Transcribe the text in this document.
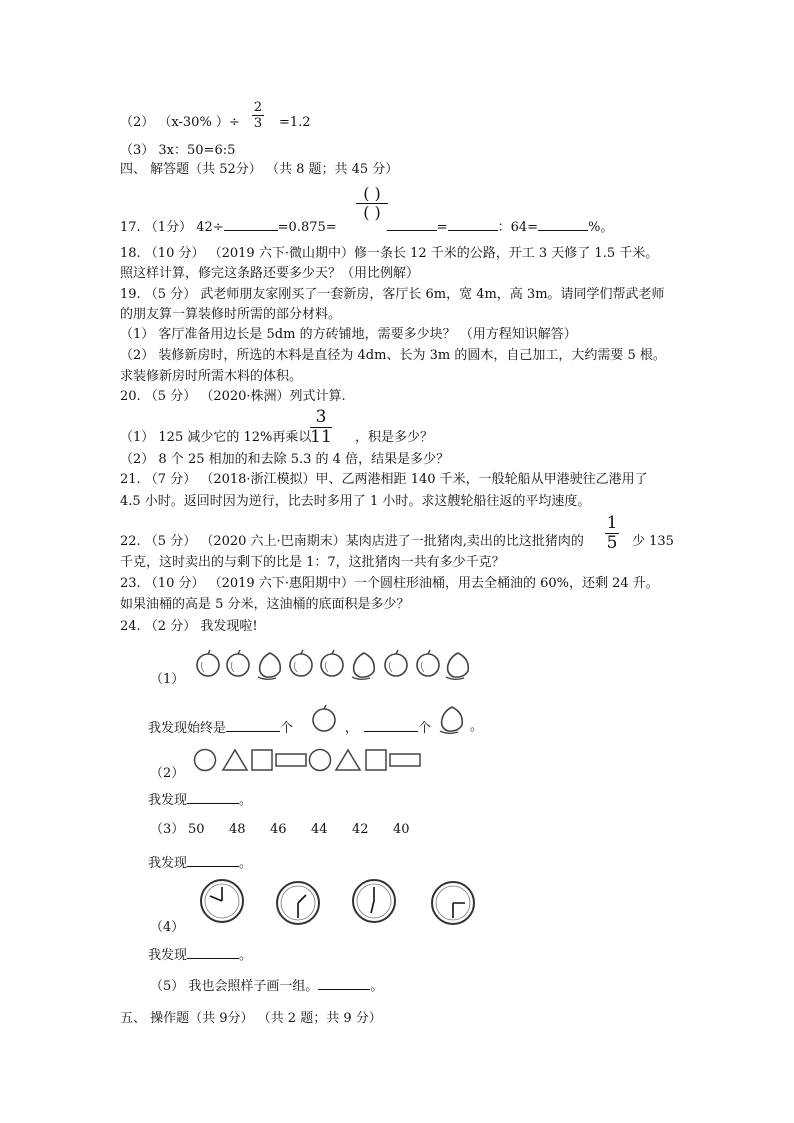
（2） （x-30% ）÷
2
3 =1.2
（3） 3x：50=6:5
四、 解答题（共 52分） （共 8 题；共 45 分）
( )
( )
17. （1分） 42÷	=0.875=	=	：64=	%。
18. （10 分） （2019 六下·微山期中）修一条长 12 千米的公路，开工 3 天修了 1.5 千米。
照这样计算，修完这条路还要多少天？（用比例解）
19. （5 分） 武老师朋友家刚买了一套新房，客厅长 6m，宽 4m，高 3m。请同学们帮武老师
的朋友算一算装修时所需的部分材料。
（1） 客厅准备用边长是 5dm 的方砖铺地，需要多少块？ （用方程知识解答）
（2） 装修新房时，所选的木料是直径为 4dm、长为 3m 的圆木，自己加工，大约需要 5 根。
求装修新房时所需木料的体积。
20. （5 分） （2020·株洲）列式计算.
（1） 125 减少它的 12%再乘以
3
11 ，积是多少？
（2） 8 个 25 相加的和去除 5.3 的 4 倍，结果是多少？
21. （7 分） （2018·浙江模拟）甲、乙两港相距 140 千米，一般轮船从甲港驶往乙港用了
4.5 小时。返回时因为逆行，比去时多用了 1 小时。求这艘轮船往返的平均速度。
22. （5 分） （2020 六上·巴南期末）某肉店进了一批猪肉,卖出的比这批猪肉的
1
5 少 135
千克，这时卖出的与剩下的比是 1：7，这批猪肉一共有多少千克？
23. （10 分） （2019 六下·惠阳期中）一个圆柱形油桶，用去全桶油的 60%，还剩 24 升。
如果油桶的高是 5 分米，这油桶的底面积是多少？
24. （2 分） 我发现啦!
（1）
我发现始终是	个	，	个	。
（2）
我发现	。
（3） 50 48 46 44 42 40
我发现	。
（4）
我发现	。
（5） 我也会照样子画一组。	。
五、 操作题（共 9分） （共 2 题；共 9 分）
